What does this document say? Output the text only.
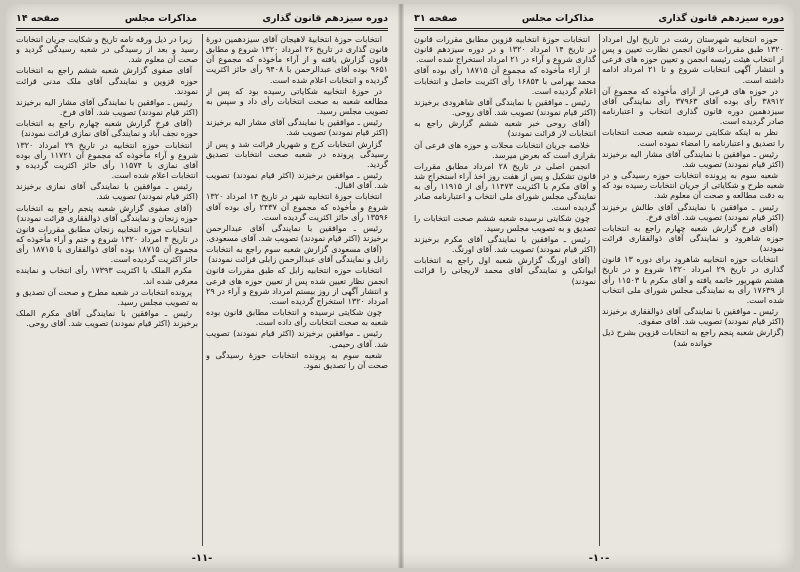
دوره سیزدهم قانون گذاری
مذاکرات مجلس
صفحه ۱۴

انتخابات حوزهٔ انتخابیهٔ لاهیجان آقای سیزدهمین دورهٔ قانون گذاری در تاریخ ۲۶ امرداد ۱۳۲۰ شروع و مطابق قانون گزارش یافته و از آراء مأخوذه که مجموع آن ۹۶۵۱ بوده آقای عبدالرحمن با ۹۴۰۸ رأی حائز اکثریت گردیده و انتخابات اعلام شده است.

در حوزهٔ انتخابیه شکایاتی رسیده بود که پس از مطالعه شعبه به صحت انتخابات رأی داد و سپس به تصویب مجلس رسید.

رئیس ـ موافقین با نمایندگی آقای مشار الیه برخیزند (اکثر قیام نمودند) تصویب شد.

گزارش انتخابات کرج و شهریار قرائت شد و پس از رسیدگی پرونده در شعبه صحت انتخابات تصدیق گردید.

رئیس ـ موافقین برخیزند (اکثر قیام نمودند) تصویب شد. آقای اقبال.

انتخابات حوزهٔ انتخابیه شهر در تاریخ ۱۴ امرداد ۱۳۲۰ شروع و مأخوذه که مجموع آن ۲۴۳۷ رأی بوده آقای ۱۳۵۹۶ رأی حائز اکثریت گردیده است.

رئیس ـ موافقین با نمایندگی آقای عبدالرحمن برخیزند (اکثر قیام نمودند) تصویب شد. آقای مسعودی.

(آقای مسعودی گزارش شعبه سوم راجع به انتخابات زابل و نمایندگی آقای عبدالرحمن زابلی قرائت نمودند)

انتخابات حوزه انتخابیه زابل که طبق مقررات قانون انجمن نظار تعیین شده پس از تعیین حوزه های فرعی و انتشار آگهی از روز بیستم امرداد شروع و آراء در ۲۹ امرداد ۱۳۲۰ استخراج گردیده است.

چون شکایتی نرسیده و انتخابات مطابق قانون بوده شعبه به صحت انتخابات رأی داده است.

رئیس ـ موافقین برخیزند (اکثر قیام نمودند) تصویب شد. آقای رحیمی.

شعبه سوم به پرونده انتخابات حوزهٔ رسیدگی و صحت آن را تصدیق نمود.

زیرا در ذیل ورقه نامه تاریخ و شکایت جریان انتخابات رسید و بعد از رسیدگی در شعبه رسیدگی گردید و صحت آن معلوم شد.

آقای صفوی گزارش شعبه ششم راجع به انتخابات حوزه قزوین و نمایندگی آقای ملک مدنی قرائت نمودند.

رئیس ـ موافقین با نمایندگی آقای مشار الیه برخیزند (اکثر قیام نمودند) تصویب شد. آقای فرخ.

(آقای فرخ گزارش شعبه چهارم راجع به انتخابات حوزه نجف آباد و نمایندگی آقای نمازی قرائت نمودند)

انتخابات حوزه انتخابیه در تاریخ ۲۹ امرداد ۱۳۲۰ شروع و آراء مأخوذه که مجموع آن ۱۱۷۲۱ رأی بوده آقای نمازی با ۱۱۵۷۴ رأی حائز اکثریت گردیده و انتخابات اعلام شده است.

رئیس ـ موافقین با نمایندگی آقای نمازی برخیزند (اکثر قیام نمودند) تصویب شد.

(آقای صفوی گزارش شعبه پنجم راجع به انتخابات حوزه زنجان و نمایندگی آقای ذوالفقاری قرائت نمودند)

انتخابات حوزه انتخابیه زنجان مطابق مقررات قانون در تاریخ ۴ امرداد ۱۳۲۰ شروع و ختم و آراء مأخوذه که مجموع آن ۱۸۷۱۵ بوده آقای ذوالفقاری با ۱۸۷۱۵ رأی حائز اکثریت گردیده است.

مکرم الملک با اکثریت ۱۷۳۹۳ رأی انتخاب و نماینده معرفی شده اند.

پرونده انتخابات در شعبه مطرح و صحت آن تصدیق و به تصویب مجلس رسید.

رئیس ـ موافقین با نمایندگی آقای مکرم الملک برخیزند (اکثر قیام نمودند) تصویب شد. آقای روحی.

-۱۱-
دوره سیزدهم قانون گذاری
مذاکرات مجلس
صفحه ۳۱

حوزه انتخابیه شهرستان رشت در تاریخ اول امرداد ۱۳۲۰ طبق مقررات قانون انجمن نظارت تعیین و پس از انتخاب هیئت رئیسه انجمن و تعیین حوزه های فرعی و انتشار آگهی انتخابات شروع و تا ۲۱ امرداد ادامه داشته است.

در حوزه های فرعی از آرای مأخوذه که مجموع آن ۳۸۹۱۲ رأی بوده آقای ۳۷۹۶۳ رأی نمایندگی آقای سیزدهمین دوره قانون گذاری انتخاب و اعتبارنامه صادر گردیده است.

نظر به اینکه شکایتی نرسیده شعبه صحت انتخابات را تصدیق و اعتبارنامه را امضاء نموده است.

رئیس ـ موافقین با نمایندگی آقای مشار الیه برخیزند (اکثر قیام نمودند) تصویب شد.

شعبه سوم به پرونده انتخابات حوزه رسیدگی و در شعبه طرح و شکایاتی از جریان انتخابات رسیده بود که به دقت مطالعه و صحت آن معلوم شد.

رئیس ـ موافقین با نمایندگی آقای طالش برخیزند (اکثر قیام نمودند) تصویب شد. آقای فرخ.

(آقای فرخ گزارش شعبه چهارم راجع به انتخابات حوزه شاهرود و نمایندگی آقای ذوالفقاری قرائت نمودند)

انتخابات حوزه انتخابیه شاهرود برای دوره ۱۳ قانون گذاری در تاریخ ۲۹ امرداد ۱۳۲۰ شروع و در تاریخ هشتم شهریور خاتمه یافته و آقای مکرم با ۱۱۵۰۳ رأی از ۱۷۶۳۹ رأی به نمایندگی مجلس شورای ملی انتخاب شده است.

رئیس ـ موافقین با نمایندگی آقای ذوالفقاری برخیزند (اکثر قیام نمودند) تصویب شد. آقای صفوی.

(گزارش شعبه پنجم راجع به انتخابات قزوین بشرح ذیل خوانده شد)

انتخابات حوزهٔ انتخابیه قزوین مطابق مقررات قانون در تاریخ ۱۴ امرداد ۱۳۲۰ و در دوره سیزدهم قانون گذاری شروع و آراء در ۲۱ امرداد استخراج شده است.

از آراء مأخوذه که مجموع آن ۱۸۷۱۵ رأی بوده آقای محمد بهرامی با ۱۶۸۵۴ رأی اکثریت حاصل و انتخابات اعلام گردیده است.

رئیس ـ موافقین با نمایندگی آقای شاهرودی برخیزند (اکثر قیام نمودند) تصویب شد. آقای روحی.

(آقای روحی خبر شعبه ششم گزارش راجع به انتخابات لار قرائت نمودند)

خلاصه جریان انتخابات محلات و حوزه های فرعی آن بقراری است که بعرض میرسد.

انجمن اصلی در تاریخ ۲۸ امرداد مطابق مقررات قانون تشکیل و پس از هفت روز اخذ آراء استخراج شد و آقای مکرم با اکثریت ۱۱۴۷۳ رأی از ۱۱۹۱۵ رأی به نمایندگی مجلس شورای ملی انتخاب و اعتبارنامه صادر گردیده است.

چون شکایتی نرسیده شعبه ششم صحت انتخابات را تصدیق و به تصویب مجلس رسید.

رئیس ـ موافقین با نمایندگی آقای مکرم برخیزند (اکثر قیام نمودند) تصویب شد. آقای اورنگ.

(آقای اورنگ گزارش شعبه اول راجع به انتخابات ایوانکی و نمایندگی آقای محمد لاریجانی را قرائت نمودند)

-۱۰-
